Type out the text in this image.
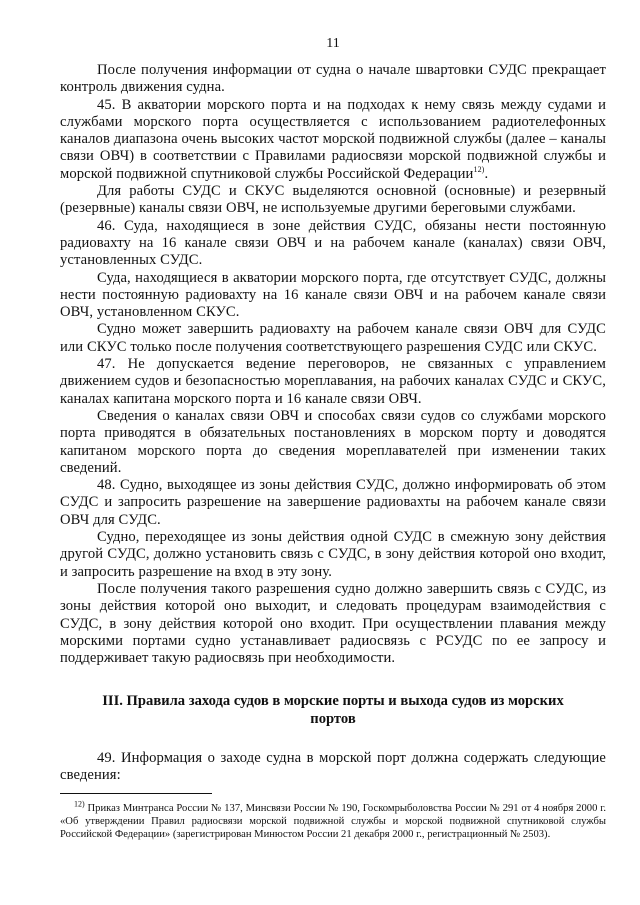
11

После получения информации от судна о начале швартовки СУДС прекращает контроль движения судна.

45. В акватории морского порта и на подходах к нему связь между судами и службами морского порта осуществляется с использованием радиотелефонных каналов диапазона очень высоких частот морской подвижной службы (далее – каналы связи ОВЧ) в соответствии с Правилами радиосвязи морской подвижной службы и морской подвижной спутниковой службы Российской Федерации$^{12)}$.

Для работы СУДС и СКУС выделяются основной (основные) и резервный (резервные) каналы связи ОВЧ, не используемые другими береговыми службами.

46. Суда, находящиеся в зоне действия СУДС, обязаны нести постоянную радиовахту на 16 канале связи ОВЧ и на рабочем канале (каналах) связи ОВЧ, установленных СУДС.

Суда, находящиеся в акватории морского порта, где отсутствует СУДС, должны нести постоянную радиовахту на 16 канале связи ОВЧ и на рабочем канале связи ОВЧ, установленном СКУС.

Судно может завершить радиовахту на рабочем канале связи ОВЧ для СУДС или СКУС только после получения соответствующего разрешения СУДС или СКУС.

47. Не допускается ведение переговоров, не связанных с управлением движением судов и безопасностью мореплавания, на рабочих каналах СУДС и СКУС, каналах капитана морского порта и 16 канале связи ОВЧ.

Сведения о каналах связи ОВЧ и способах связи судов со службами морского порта приводятся в обязательных постановлениях в морском порту и доводятся капитаном морского порта до сведения мореплавателей при изменении таких сведений.

48. Судно, выходящее из зоны действия СУДС, должно информировать об этом СУДС и запросить разрешение на завершение радиовахты на рабочем канале связи ОВЧ для СУДС.

Судно, переходящее из зоны действия одной СУДС в смежную зону действия другой СУДС, должно установить связь с СУДС, в зону действия которой оно входит, и запросить разрешение на вход в эту зону.

После получения такого разрешения судно должно завершить связь с СУДС, из зоны действия которой оно выходит, и следовать процедурам взаимодействия с СУДС, в зону действия которой оно входит. При осуществлении плавания между морскими портами судно устанавливает радиосвязь с РСУДС по ее запросу и поддерживает такую радиосвязь при необходимости.

III. Правила захода судов в морские порты и выхода судов из морских портов

49. Информация о заходе судна в морской порт должна содержать следующие сведения:

$^{12)}$ Приказ Минтранса России № 137, Минсвязи России № 190, Госкомрыболовства России № 291 от 4 ноября 2000 г. «Об утверждении Правил радиосвязи морской подвижной службы и морской подвижной спутниковой службы Российской Федерации» (зарегистрирован Минюстом России 21 декабря 2000 г., регистрационный № 2503).
